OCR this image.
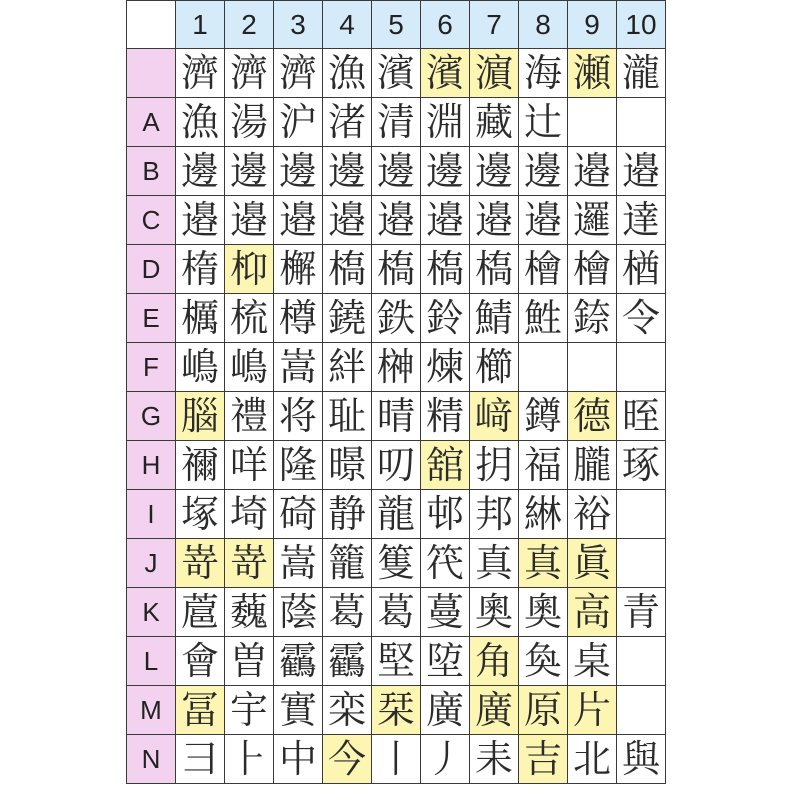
	1	2	3	4	5	6	7	8	9	10
	濟	濟	濟	漁	濱	濱	濵	海	瀬	瀧
A	漁	湯	沪	渚	清	淵	藏	辻		
B	邊	邊	邊	邊	邊	邊	邊	邊	邉	邉
C	邉	邉	邉	邉	邉	邉	邉	邉	邏	達
D	楕	枊	檞	槗	槗	槗	槗	檜	檜	楢
E	櫔	梳	樽	鐃	鉄	鈴	鯖	鮏	錼	令
F	嶋	嶋	嵩	絆	榊	煉	櫛			
G	腦	禮	将	耻	晴	精	﨑	鐏	德	晊
H	禰	咩	隆	暻	叨	舘	抈	福	朧	琢
I	塚	埼	碕	静	龍	邨	邦	綝	裕	
J	嵜	嵜	嵩	籠	篗	笩	真	真	眞	
K	蔰	蘶	蔭	葛	葛	蔓	奧	奧	高	青
L	會	曽	靏	靏	堅	埅	角	奐	桌	
M	冨	宇	實	栾	栞	廣	廣	原	片	
N	⺕	⺊	中	今	丨	丿	耒	吉	北	與
